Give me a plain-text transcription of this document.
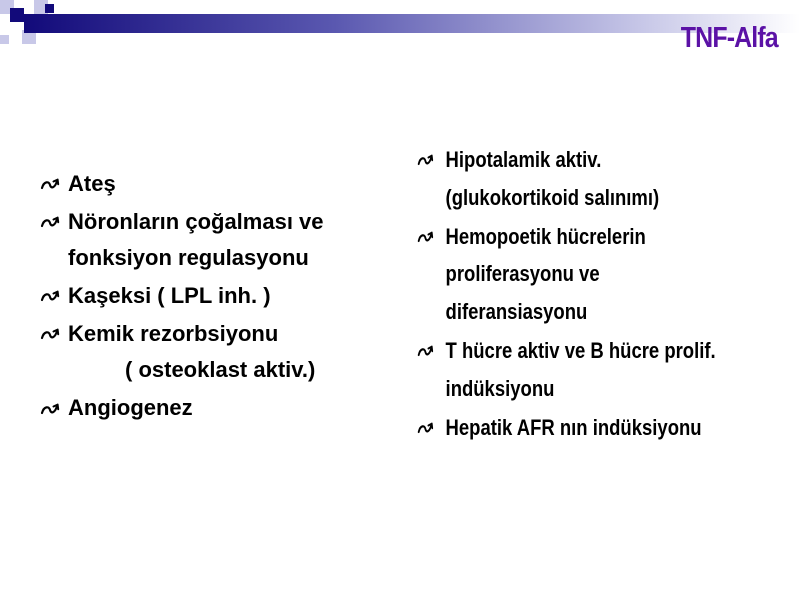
TNF-Alfa
Ateş
Nöronların çoğalması ve
fonksiyon regulasyonu
Kaşeksi ( LPL inh. )
Kemik rezorbsiyonu
( osteoklast aktiv.)
Angiogenez
Hipotalamik aktiv.
(glukokortikoid salınımı)
Hemopoetik hücrelerin
proliferasyonu ve
diferansiasyonu
T hücre aktiv ve B hücre prolif.
indüksiyonu
Hepatik AFR nın indüksiyonu
